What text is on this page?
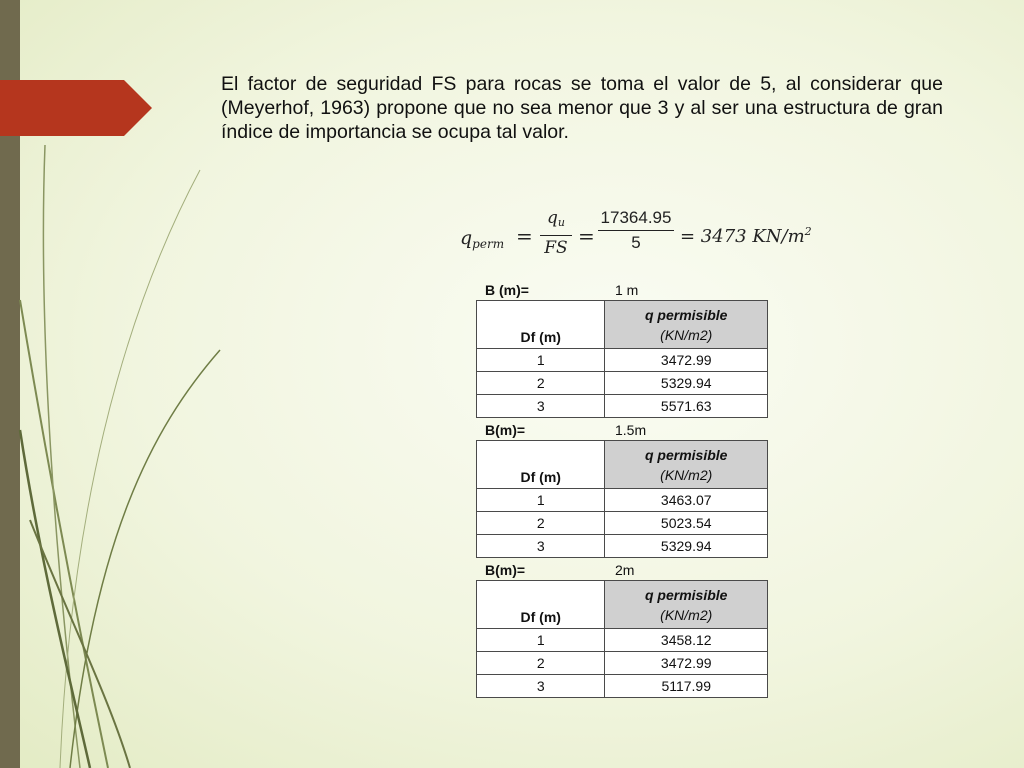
El factor de seguridad FS para rocas se toma el valor de 5, al considerar que (Meyerhof, 1963) propone que no sea menor que 3 y al ser una estructura de gran índice de importancia se ocupa tal valor.

$q_{perm}$ =
$q_u$
FS =
17364.95
5	= 3473 $KN/m^2$
B (m)=	1 m
Df (m)	q permisible
(KN/m2)
1	3472.99
2	5329.94
3	5571.63
B(m)=	1.5m
Df (m)	q permisible
(KN/m2)
1	3463.07
2	5023.54
3	5329.94
B(m)=	2m
Df (m)	q permisible
(KN/m2)
1	3458.12
2	3472.99
3	5117.99
